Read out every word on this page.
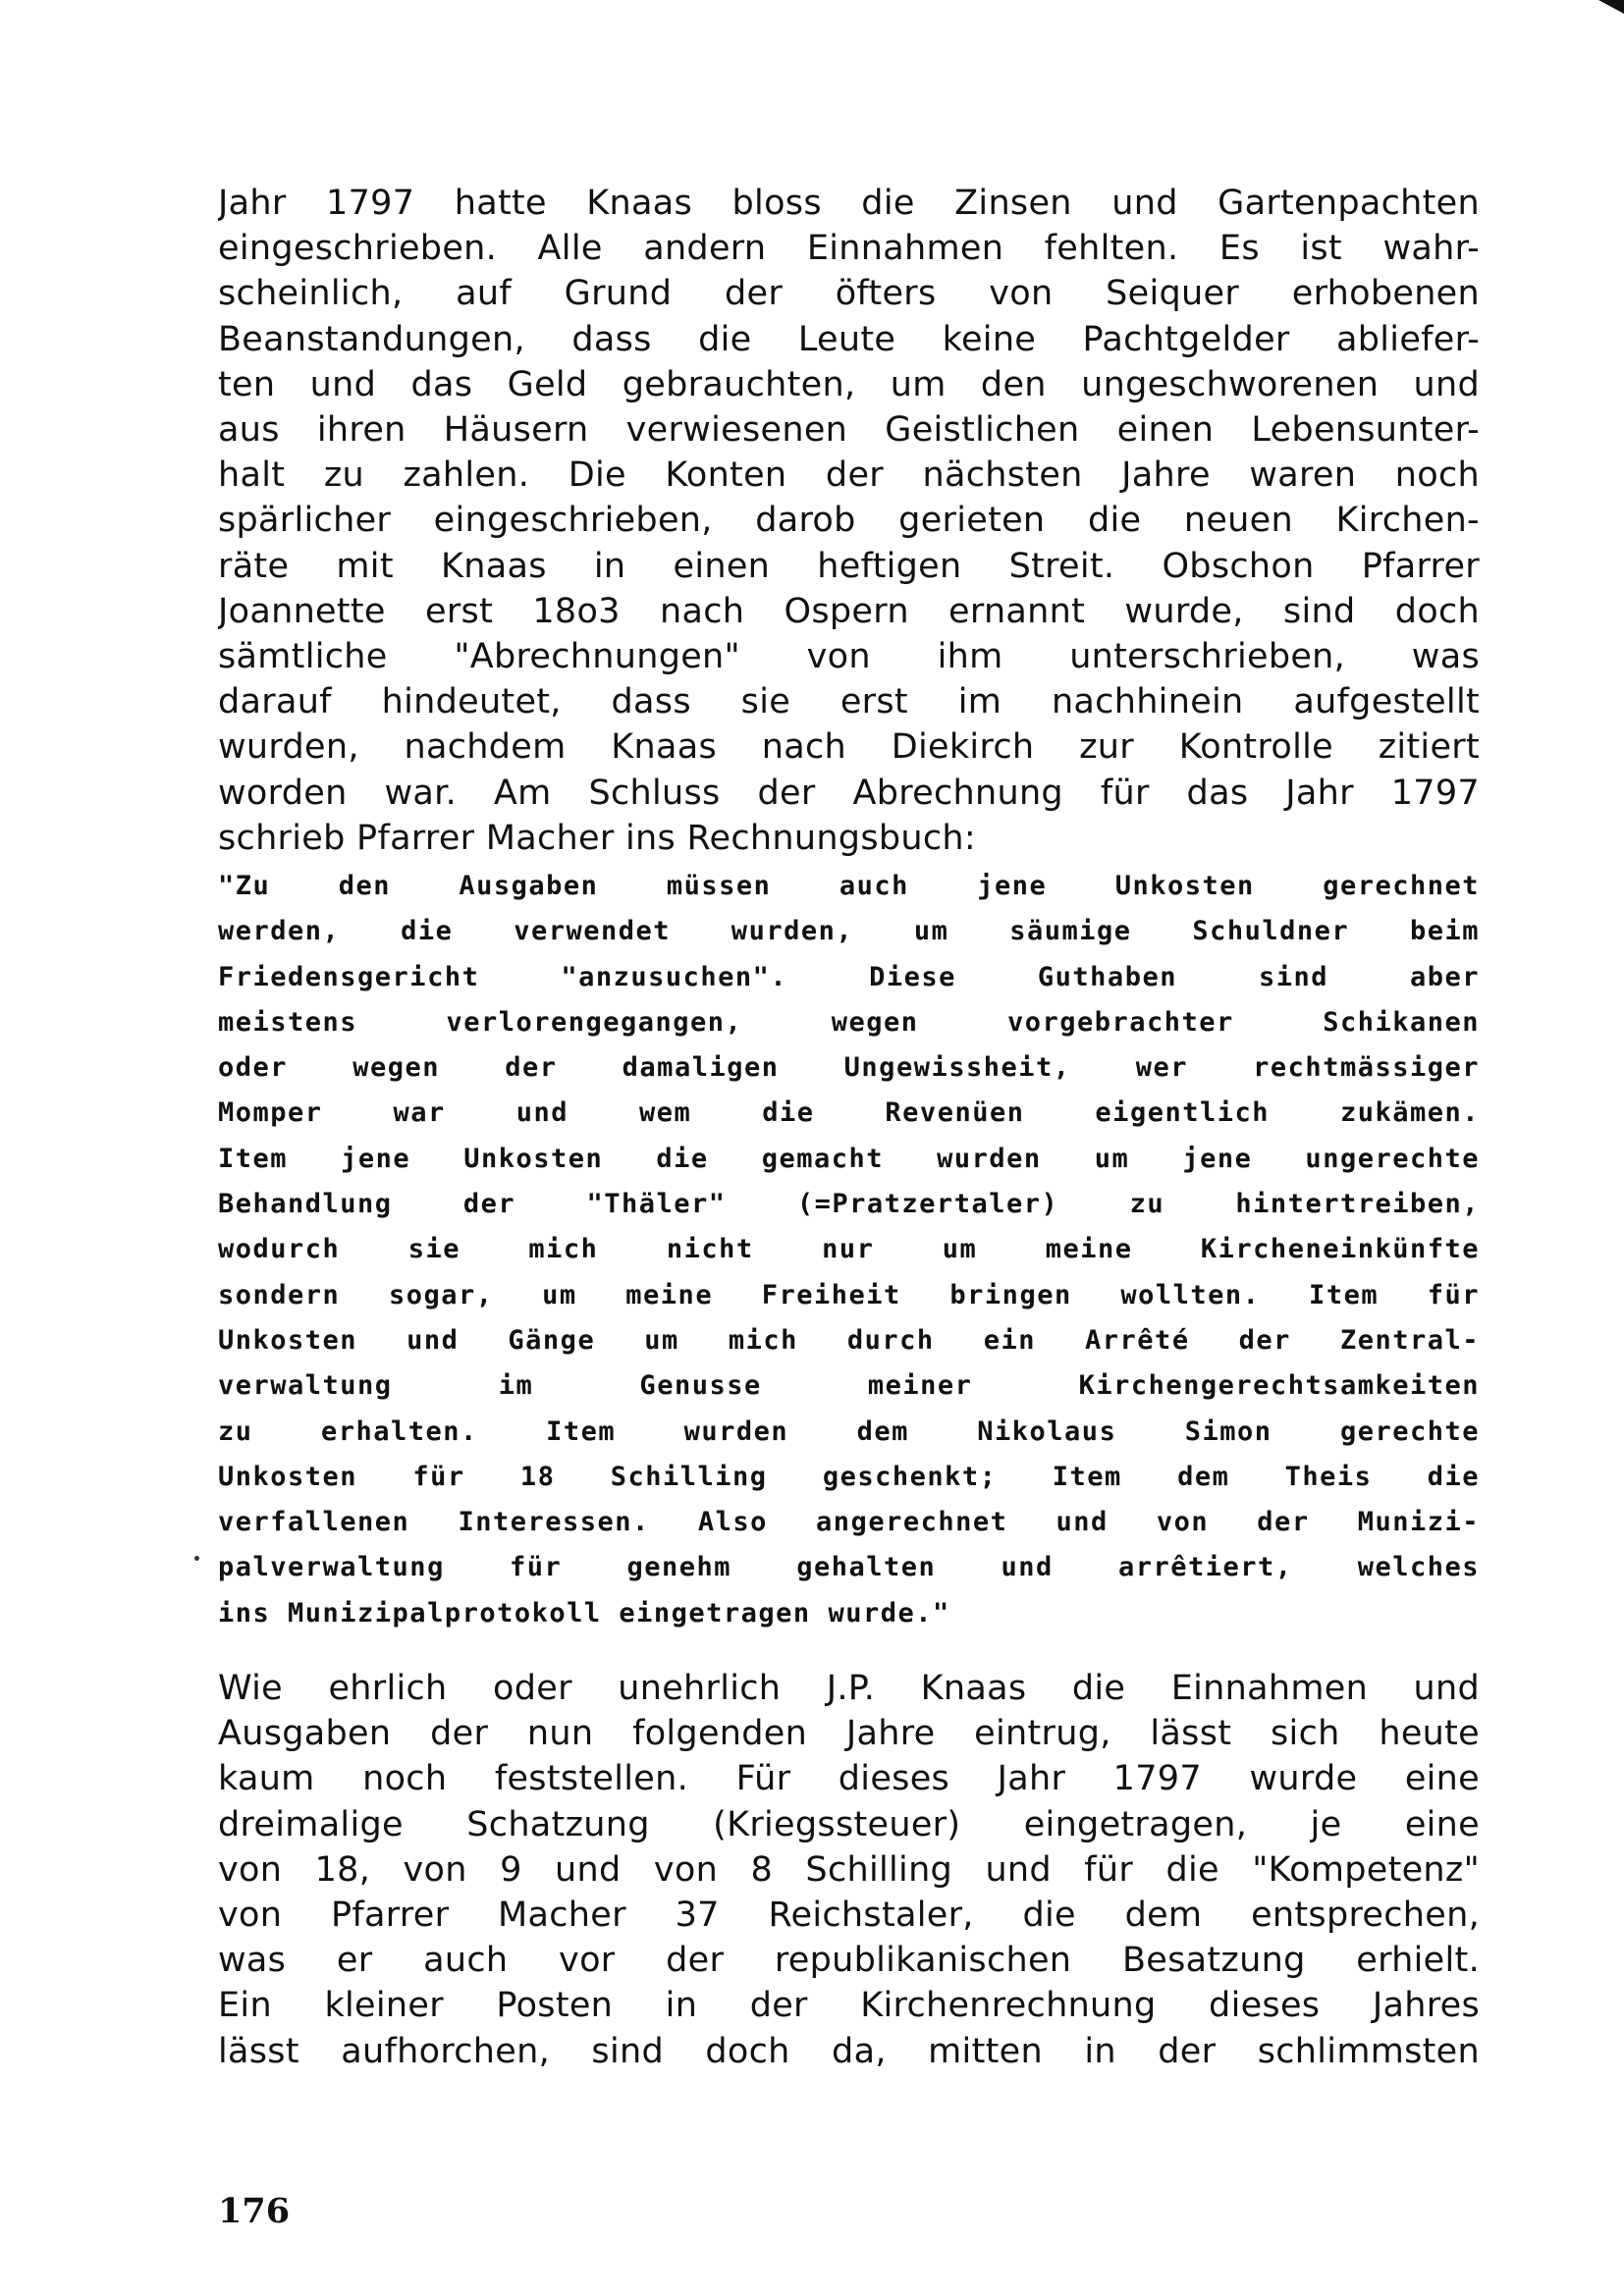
Jahr 1797 hatte Knaas bloss die Zinsen und Gartenpachten
eingeschrieben. Alle andern Einnahmen fehlten. Es ist wahr-
scheinlich, auf Grund der öfters von Seiquer erhobenen
Beanstandungen, dass die Leute keine Pachtgelder abliefer-
ten und das Geld gebrauchten, um den ungeschworenen und
aus ihren Häusern verwiesenen Geistlichen einen Lebensunter-
halt zu zahlen. Die Konten der nächsten Jahre waren noch
spärlicher eingeschrieben, darob gerieten die neuen Kirchen-
räte mit Knaas in einen heftigen Streit. Obschon Pfarrer
Joannette erst 18o3 nach Ospern ernannt wurde, sind doch
sämtliche "Abrechnungen" von ihm unterschrieben, was
darauf hindeutet, dass sie erst im nachhinein aufgestellt
wurden, nachdem Knaas nach Diekirch zur Kontrolle zitiert
worden war. Am Schluss der Abrechnung für das Jahr 1797
schrieb Pfarrer Macher ins Rechnungsbuch:
"Zu den Ausgaben müssen auch jene Unkosten gerechnet
werden, die verwendet wurden, um säumige Schuldner beim
Friedensgericht "anzusuchen". Diese Guthaben sind aber
meistens verlorengegangen, wegen vorgebrachter Schikanen
oder wegen der damaligen Ungewissheit, wer rechtmässiger
Momper war und wem die Revenüen eigentlich zukämen.
Item jene Unkosten die gemacht wurden um jene ungerechte
Behandlung der "Thäler" (=Pratzertaler) zu hintertreiben,
wodurch sie mich nicht nur um meine Kircheneinkünfte
sondern sogar, um meine Freiheit bringen wollten. Item für
Unkosten und Gänge um mich durch ein Arrêté der Zentral-
verwaltung im Genusse meiner Kirchengerechtsamkeiten
zu erhalten. Item wurden dem Nikolaus Simon gerechte
Unkosten für 18 Schilling geschenkt; Item dem Theis die
verfallenen Interessen. Also angerechnet und von der Munizi-
palverwaltung für genehm gehalten und arrêtiert, welches
ins Munizipalprotokoll eingetragen wurde."
Wie ehrlich oder unehrlich J.P. Knaas die Einnahmen und
Ausgaben der nun folgenden Jahre eintrug, lässt sich heute
kaum noch feststellen. Für dieses Jahr 1797 wurde eine
dreimalige Schatzung (Kriegssteuer) eingetragen, je eine
von 18, von 9 und von 8 Schilling und für die "Kompetenz"
von Pfarrer Macher 37 Reichstaler, die dem entsprechen,
was er auch vor der republikanischen Besatzung erhielt.
Ein kleiner Posten in der Kirchenrechnung dieses Jahres
lässt aufhorchen, sind doch da, mitten in der schlimmsten
176
